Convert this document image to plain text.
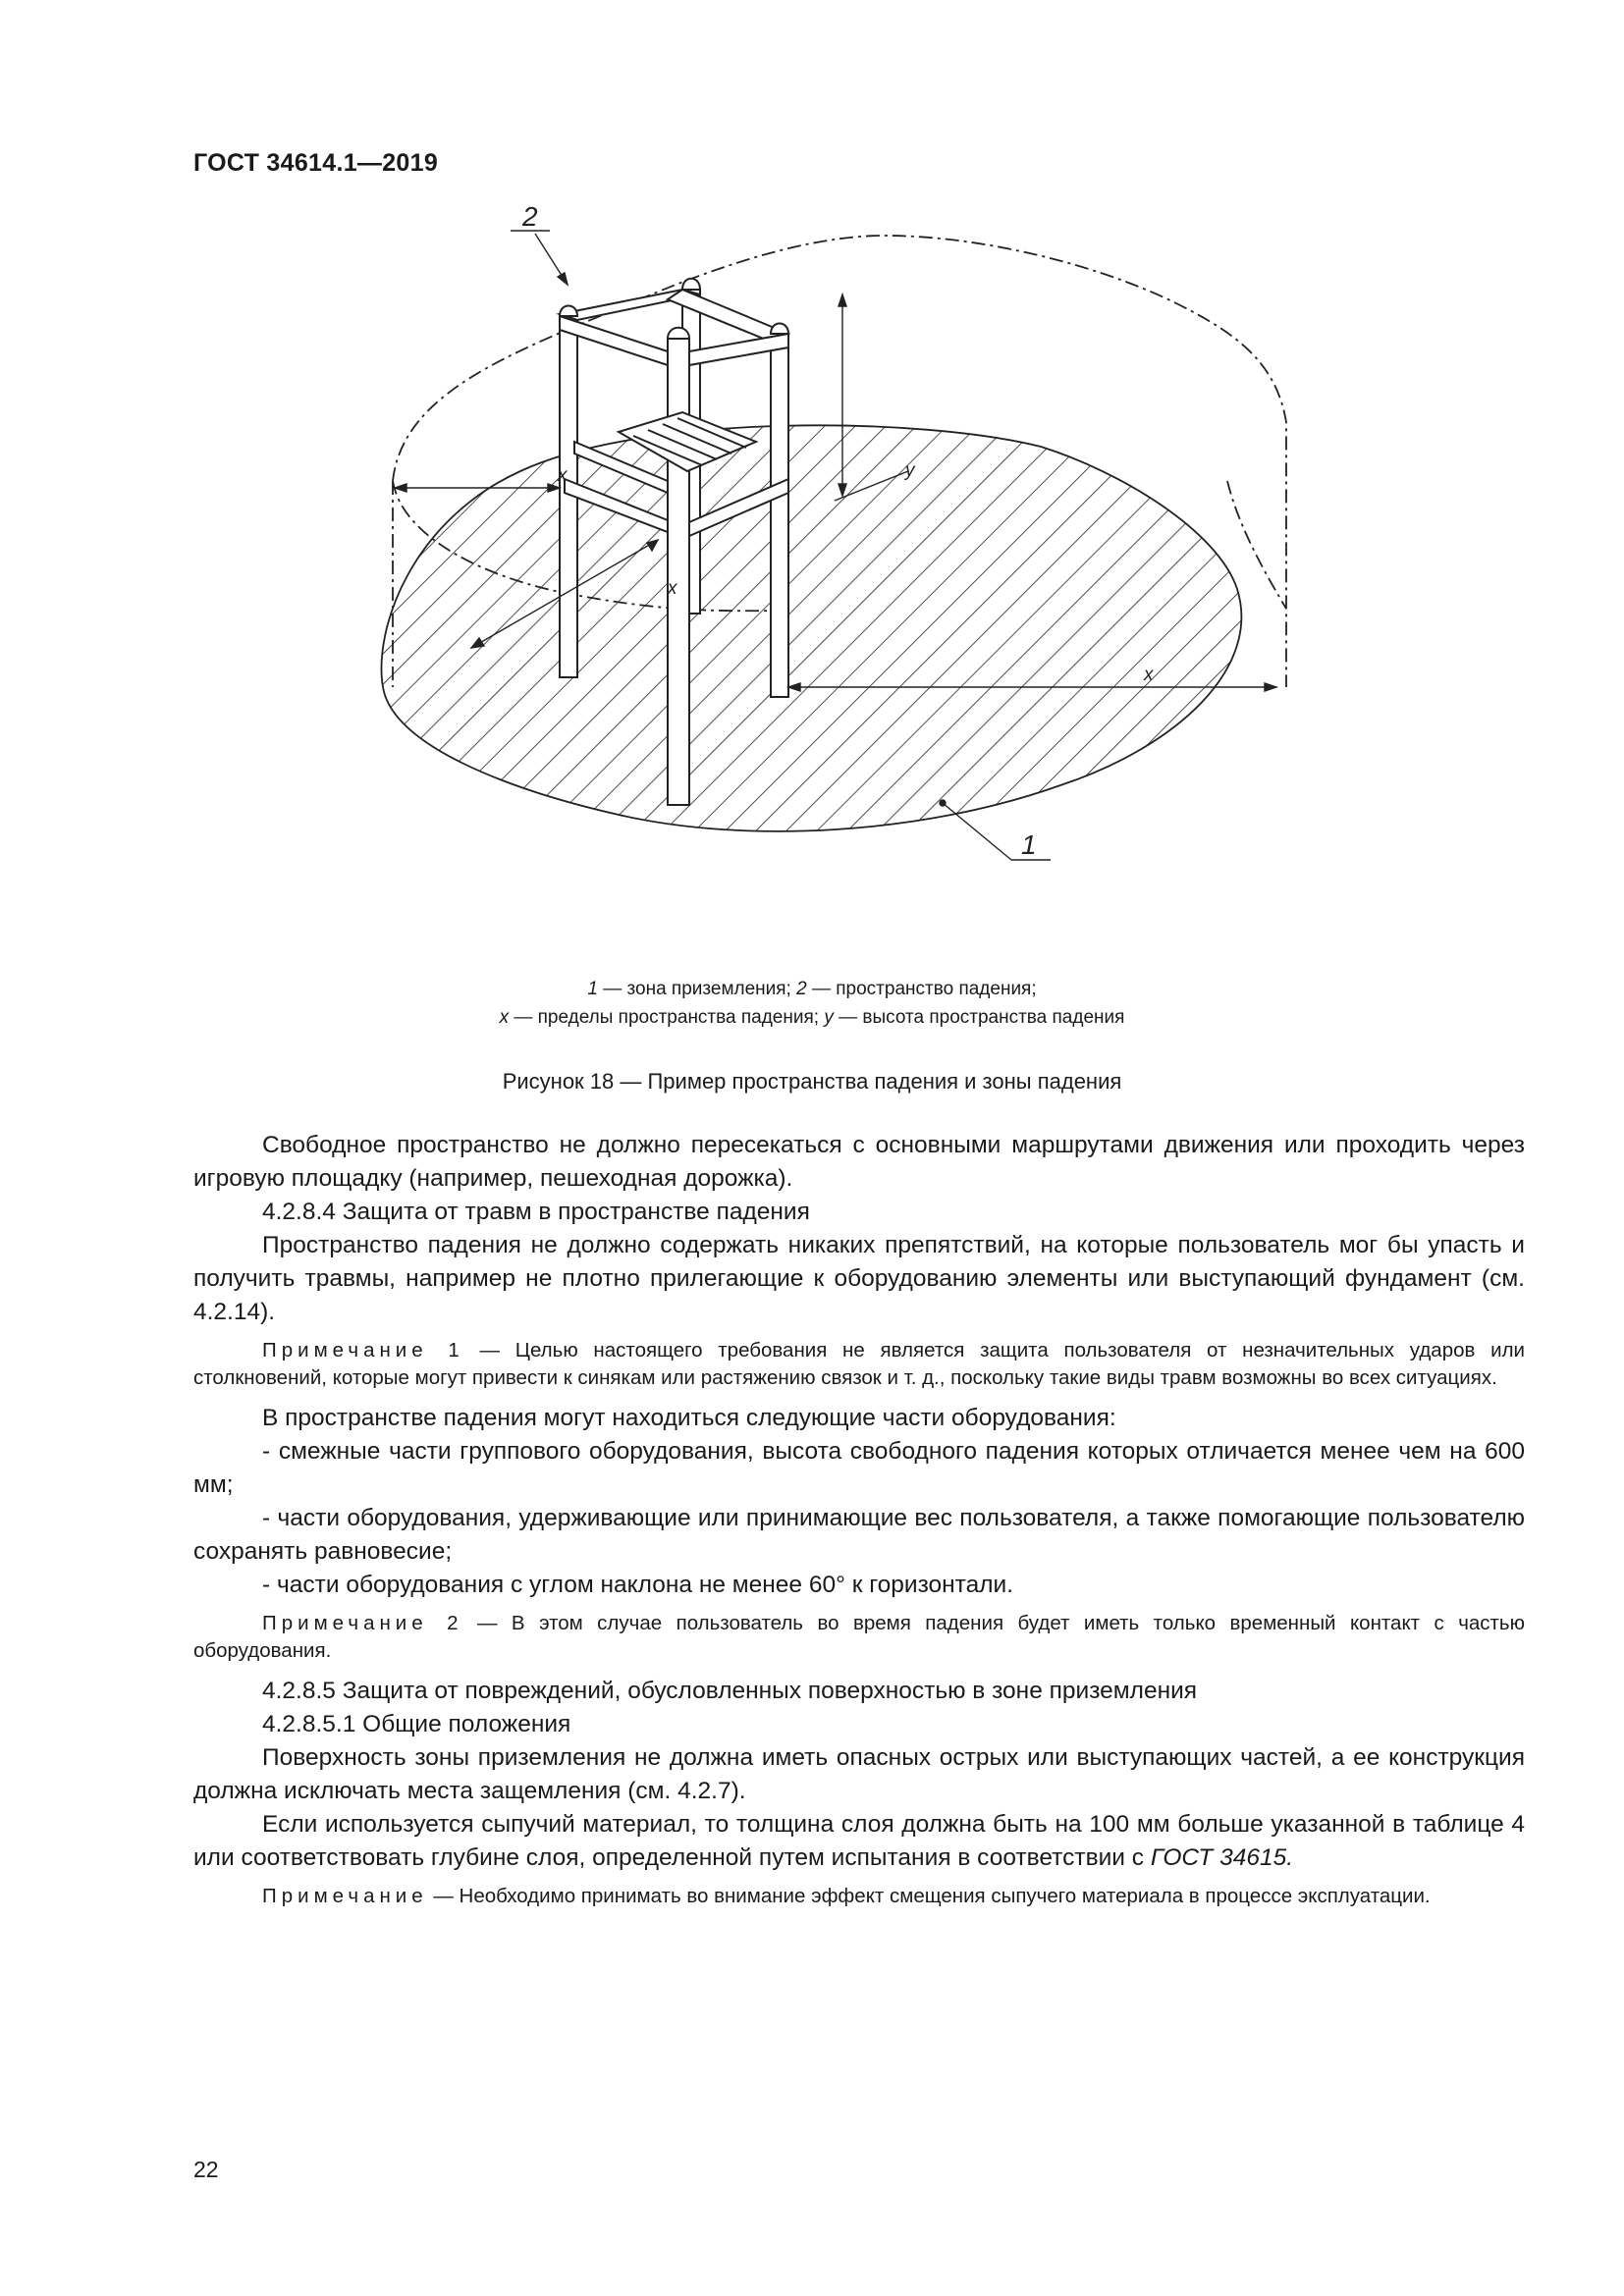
ГОСТ 34614.1—2019
2
1
x
x
y
x
1 — зона приземления; 2 — пространство падения;
x — пределы пространства падения; y — высота пространства падения
Рисунок 18 — Пример пространства падения и зоны падения

Свободное пространство не должно пересекаться с основными маршрутами движения или проходить через игровую площадку (например, пешеходная дорожка).

4.2.8.4 Защита от травм в пространстве падения

Пространство падения не должно содержать никаких препятствий, на которые пользователь мог бы упасть и получить травмы, например не плотно прилегающие к оборудованию элементы или выступающий фундамент (см. 4.2.14).

Примечание 1 — Целью настоящего требования не является защита пользователя от незначительных ударов или столкновений, которые могут привести к синякам или растяжению связок и т. д., поскольку такие виды травм возможны во всех ситуациях.

В пространстве падения могут находиться следующие части оборудования:

- смежные части группового оборудования, высота свободного падения которых отличается менее чем на 600 мм;

- части оборудования, удерживающие или принимающие вес пользователя, а также помогающие пользователю сохранять равновесие;

- части оборудования с углом наклона не менее 60° к горизонтали.

Примечание 2 — В этом случае пользователь во время падения будет иметь только временный контакт с частью оборудования.

4.2.8.5 Защита от повреждений, обусловленных поверхностью в зоне приземления

4.2.8.5.1 Общие положения

Поверхность зоны приземления не должна иметь опасных острых или выступающих частей, а ее конструкция должна исключать места защемления (см. 4.2.7).

Если используется сыпучий материал, то толщина слоя должна быть на 100 мм больше указанной в таблице 4 или соответствовать глубине слоя, определенной путем испытания в соответствии с ГОСТ 34615.

Примечание — Необходимо принимать во внимание эффект смещения сыпучего материала в процессе эксплуатации.

22
